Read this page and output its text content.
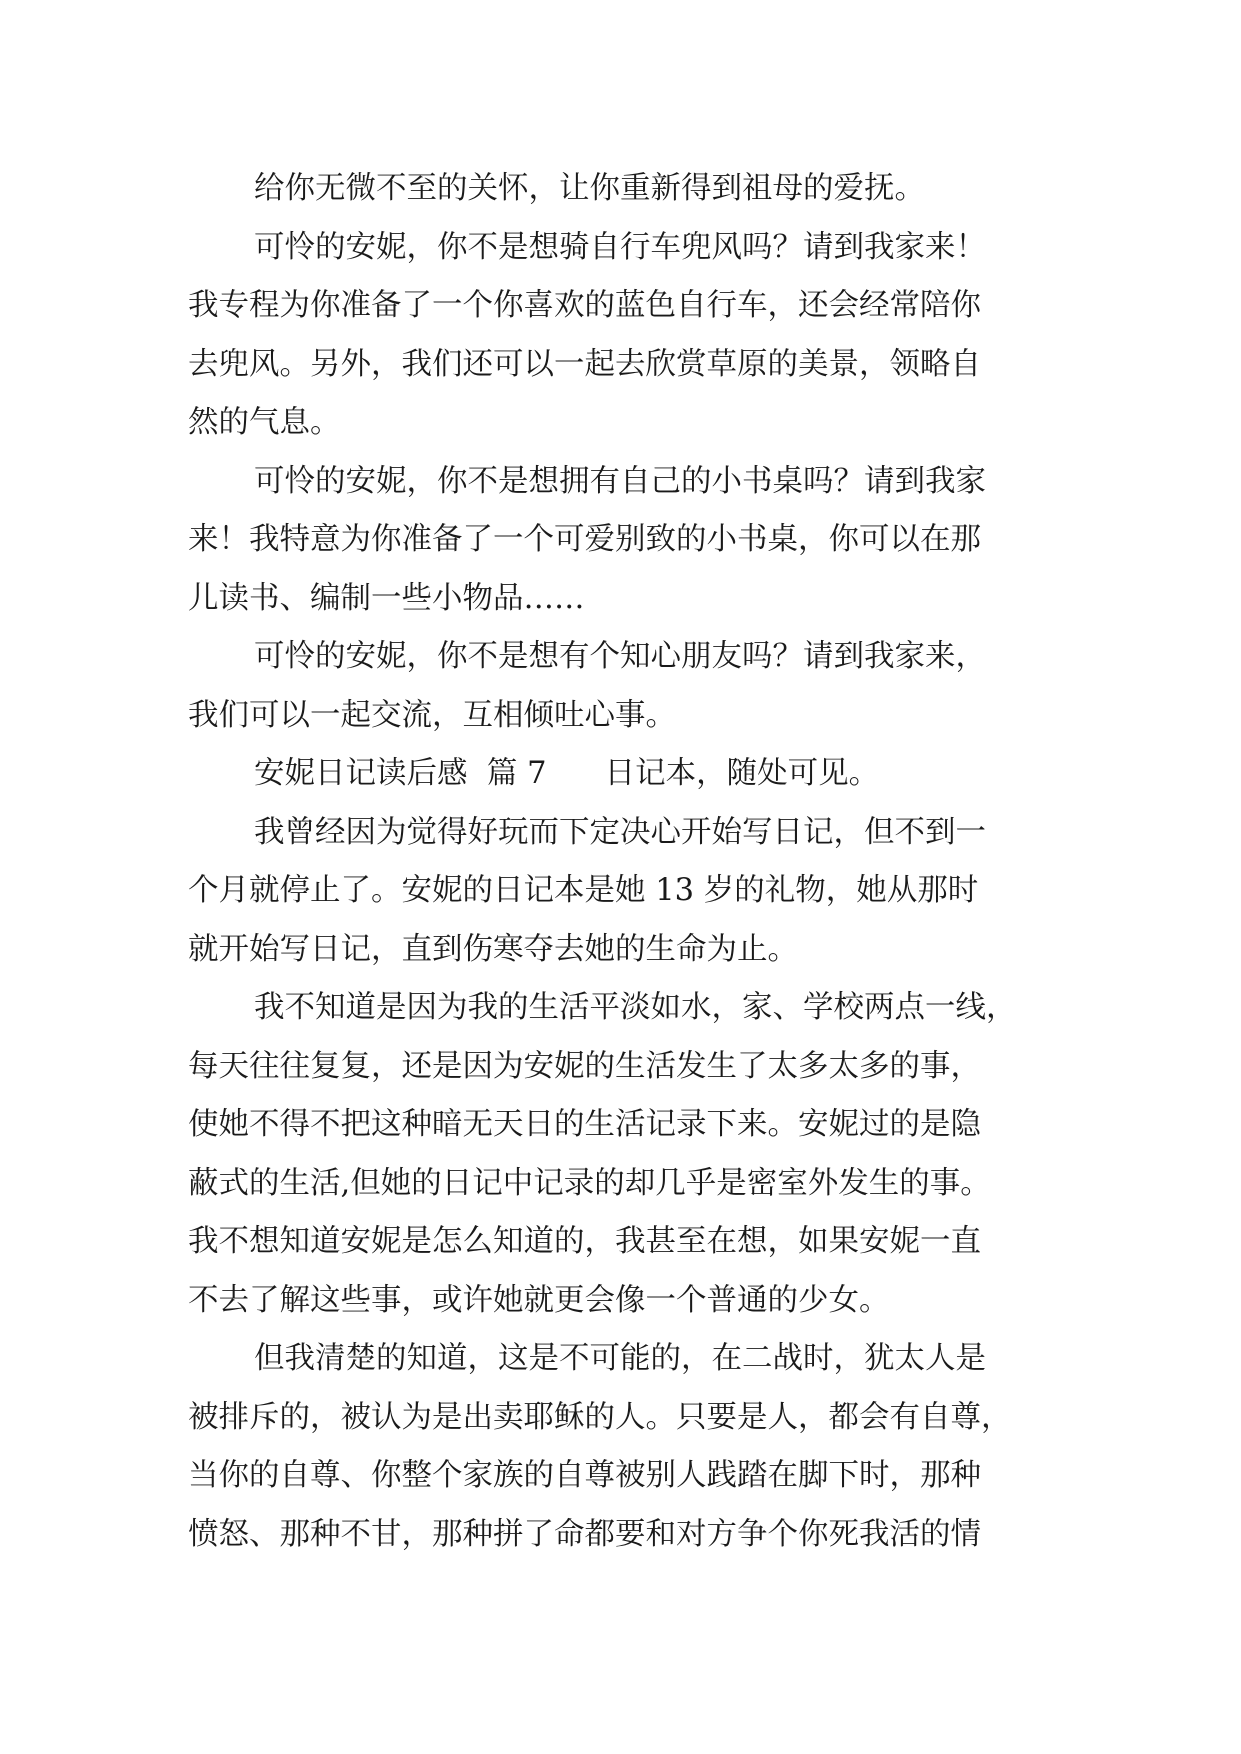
给你无微不至的关怀，让你重新得到祖母的爱抚。
可怜的安妮，你不是想骑自行车兜风吗？请到我家来！
我专程为你准备了一个你喜欢的蓝色自行车，还会经常陪你
去兜风。另外，我们还可以一起去欣赏草原的美景，领略自
然的气息。
可怜的安妮，你不是想拥有自己的小书桌吗？请到我家
来！我特意为你准备了一个可爱别致的小书桌，你可以在那
儿读书、编制一些小物品……
可怜的安妮，你不是想有个知心朋友吗？请到我家来，
我们可以一起交流，互相倾吐心事。
安妮日记读后感  篇 7      日记本，随处可见。
我曾经因为觉得好玩而下定决心开始写日记，但不到一
个月就停止了。安妮的日记本是她 13 岁的礼物，她从那时
就开始写日记，直到伤寒夺去她的生命为止。
我不知道是因为我的生活平淡如水，家、学校两点一线，
每天往往复复，还是因为安妮的生活发生了太多太多的事，
使她不得不把这种暗无天日的生活记录下来。安妮过的是隐
蔽式的生活,但她的日记中记录的却几乎是密室外发生的事。
我不想知道安妮是怎么知道的，我甚至在想，如果安妮一直
不去了解这些事，或许她就更会像一个普通的少女。
但我清楚的知道，这是不可能的，在二战时，犹太人是
被排斥的，被认为是出卖耶稣的人。只要是人，都会有自尊，
当你的自尊、你整个家族的自尊被别人践踏在脚下时，那种
愤怒、那种不甘，那种拼了命都要和对方争个你死我活的情
